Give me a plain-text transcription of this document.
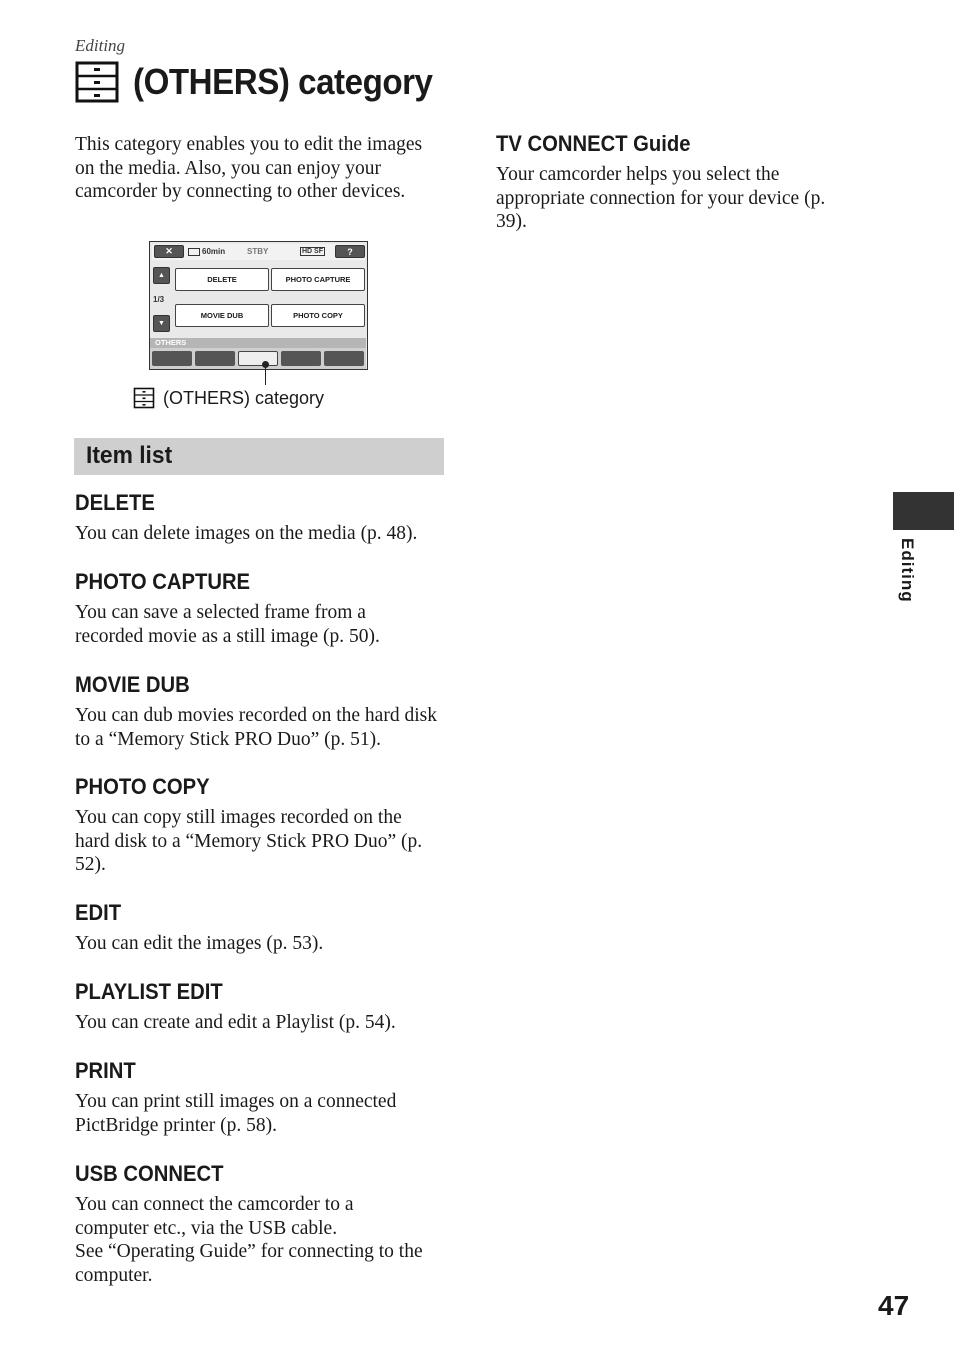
Editing
(OTHERS) category

This category enables you to edit the images on the media. Also, you can enjoy your camcorder by connecting to other devices.

✕	60min	STBY	HD SF	?
▲
1/3
▼
DELETE	PHOTO CAPTURE
MOVIE DUB	PHOTO COPY
OTHERS
(OTHERS) category
Item list
DELETE

You can delete images on the media (p. 48).

PHOTO CAPTURE

You can save a selected frame from a recorded movie as a still image (p. 50).

MOVIE DUB

You can dub movies recorded on the hard disk to a “Memory Stick PRO Duo” (p. 51).

PHOTO COPY

You can copy still images recorded on the hard disk to a “Memory Stick PRO Duo” (p. 52).

EDIT

You can edit the images (p. 53).

PLAYLIST EDIT

You can create and edit a Playlist (p. 54).

PRINT

You can print still images on a connected PictBridge printer (p. 58).

USB CONNECT

You can connect the camcorder to a computer etc., via the USB cable.

See “Operating Guide” for connecting to the computer.

TV CONNECT Guide

Your camcorder helps you select the appropriate connection for your device (p. 39).

Editing
47
